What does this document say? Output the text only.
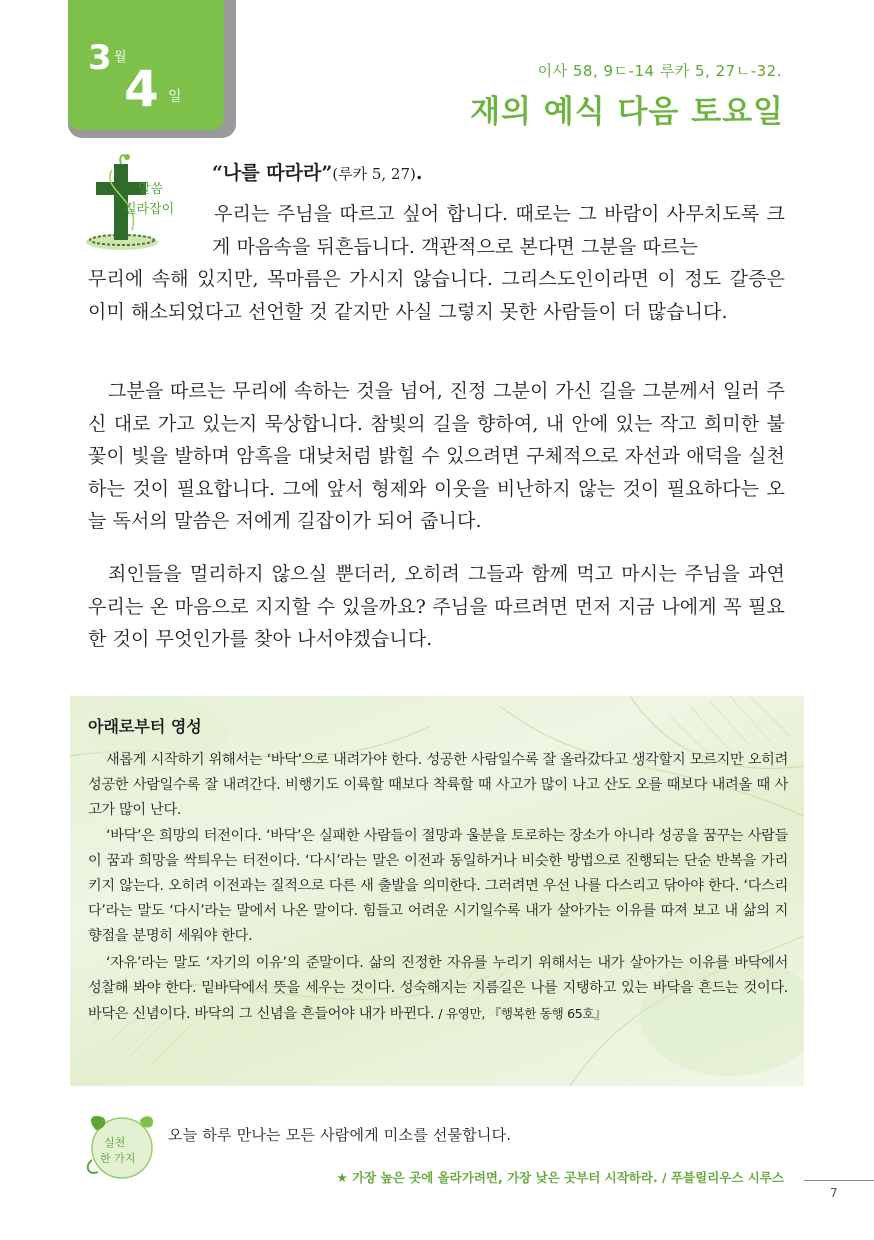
3 월
4 일
이사 58, 9ㄷ-14 루카 5, 27ㄴ-32.
재의 예식 다음 토요일
말씀
길라잡이
“나를 따라라”(루카 5, 27).
우리는 주님을 따르고 싶어 합니다. 때로는 그 바람이 사무치도록 크게 마음속을 뒤흔듭니다. 객관적으로 본다면 그분을 따르는
무리에 속해 있지만, 목마름은 가시지 않습니다. 그리스도인이라면 이 정도 갈증은 이미 해소되었다고 선언할 것 같지만 사실 그렇지 못한 사람들이 더 많습니다.
그분을 따르는 무리에 속하는 것을 넘어, 진정 그분이 가신 길을 그분께서 일러 주신 대로 가고 있는지 묵상합니다. 참빛의 길을 향하여, 내 안에 있는 작고 희미한 불꽃이 빛을 발하며 암흑을 대낮처럼 밝힐 수 있으려면 구체적으로 자선과 애덕을 실천하는 것이 필요합니다. 그에 앞서 형제와 이웃을 비난하지 않는 것이 필요하다는 오늘 독서의 말씀은 저에게 길잡이가 되어 줍니다.
죄인들을 멀리하지 않으실 뿐더러, 오히려 그들과 함께 먹고 마시는 주님을 과연 우리는 온 마음으로 지지할 수 있을까요? 주님을 따르려면 먼저 지금 나에게 꼭 필요한 것이 무엇인가를 찾아 나서야겠습니다.
아래로부터 영성
새롭게 시작하기 위해서는 ‘바닥’으로 내려가야 한다. 성공한 사람일수록 잘 올라갔다고 생각할지 모르지만 오히려 성공한 사람일수록 잘 내려간다. 비행기도 이륙할 때보다 착륙할 때 사고가 많이 나고 산도 오를 때보다 내려올 때 사고가 많이 난다.
‘바닥’은 희망의 터전이다. ‘바닥’은 실패한 사람들이 절망과 울분을 토로하는 장소가 아니라 성공을 꿈꾸는 사람들이 꿈과 희망을 싹틔우는 터전이다. ‘다시’라는 말은 이전과 동일하거나 비슷한 방법으로 진행되는 단순 반복을 가리키지 않는다. 오히려 이전과는 질적으로 다른 새 출발을 의미한다. 그러려면 우선 나를 다스리고 닦아야 한다. ‘다스리다’라는 말도 ‘다시’라는 말에서 나온 말이다. 힘들고 어려운 시기일수록 내가 살아가는 이유를 따져 보고 내 삶의 지향점을 분명히 세워야 한다.
‘자유’라는 말도 ‘자기의 이유’의 준말이다. 삶의 진정한 자유를 누리기 위해서는 내가 살아가는 이유를 바닥에서 성찰해 봐야 한다. 밑바닥에서 뜻을 세우는 것이다. 성숙해지는 지름길은 나를 지탱하고 있는 바닥을 흔드는 것이다. 바닥은 신념이다. 바닥의 그 신념을 흔들어야 내가 바뀐다. / 유영만, 『행복한 동행 65호』
실천
한 가지
오늘 하루 만나는 모든 사람에게 미소를 선물합니다.
★ 가장 높은 곳에 올라가려면, 가장 낮은 곳부터 시작하라. / 푸블릴리우스 시루스
7
